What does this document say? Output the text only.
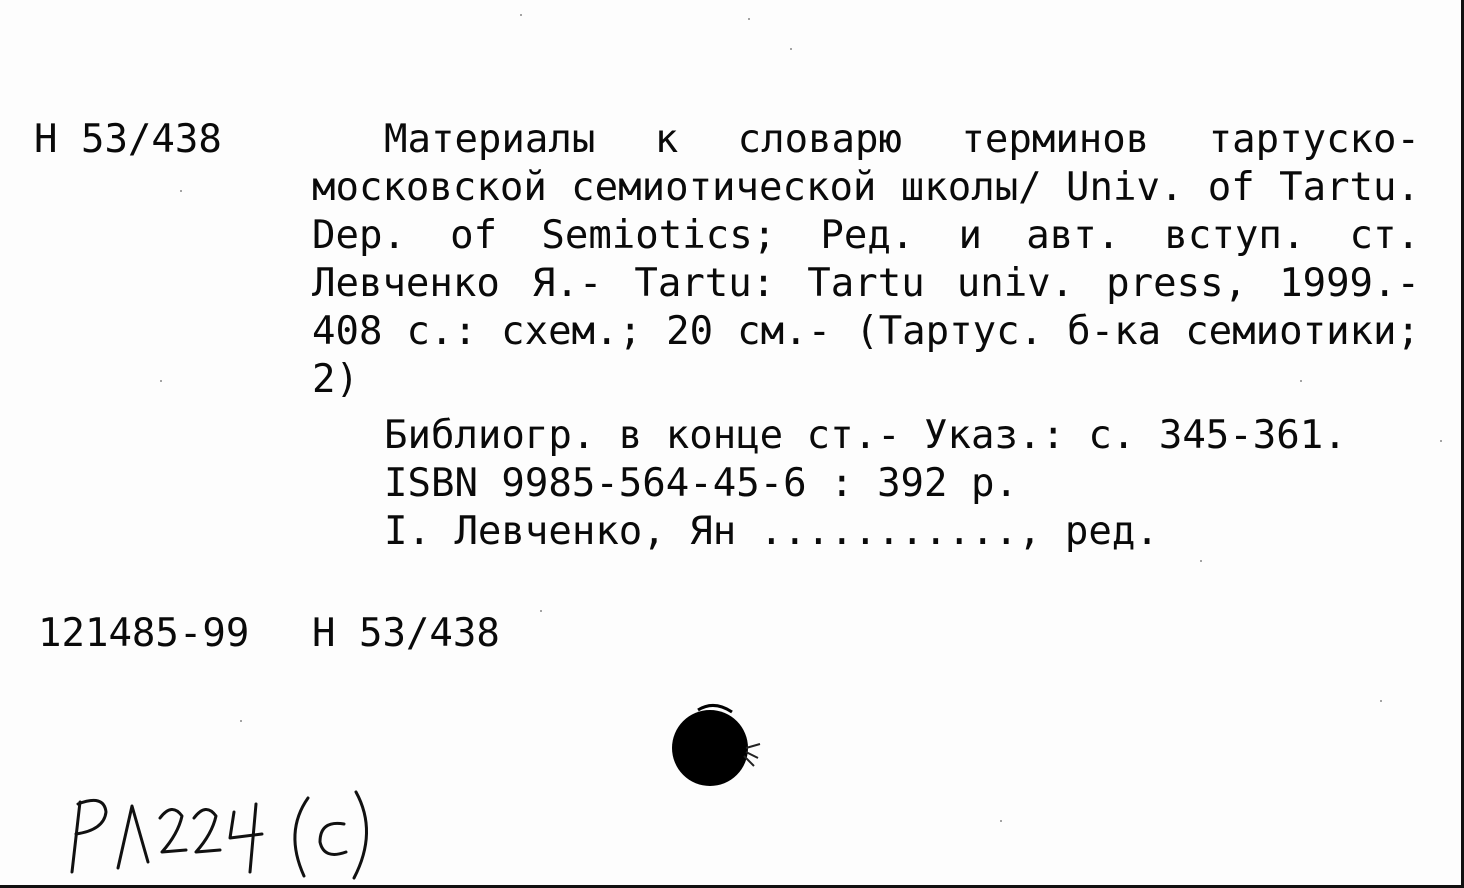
Н 53/438	Материалы к словарю терминов тартуско-московской семиотической школы/ Univ. of Tartu. Dep. of Semiotics; Ред. и авт. вступ. ст. Левченко Я.- Tartu: Tartu univ. press, 1999.- 408 с.: схем.; 20 см.- (Тартус. б-ка семиотики; 2)
Библиогр. в конце ст.- Указ.: с. 345-361.
ISBN 9985-564-45-6 : 392 р.
I. Левченко, Ян ..........., ред.
121485-99 Н 53/438
